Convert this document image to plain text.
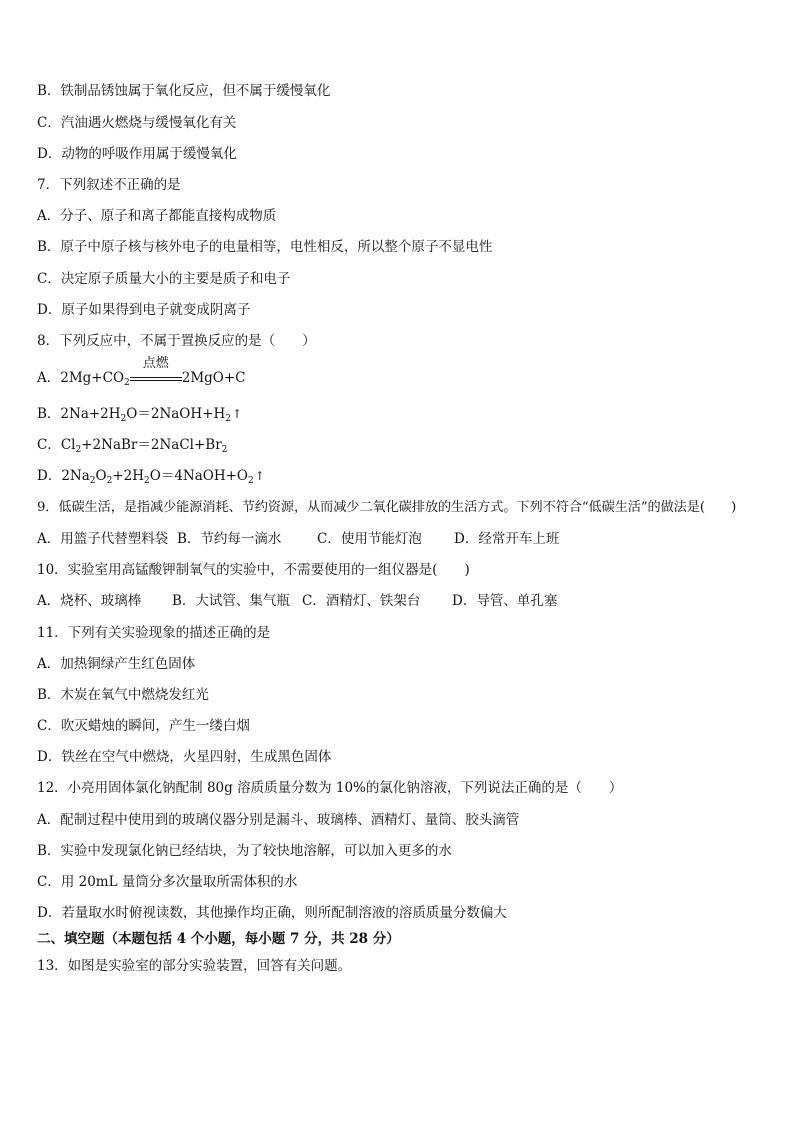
B．铁制品锈蚀属于氧化反应，但不属于缓慢氧化
C．汽油遇火燃烧与缓慢氧化有关
D．动物的呼吸作用属于缓慢氧化
7．下列叙述不正确的是
A．分子、原子和离子都能直接构成物质
B．原子中原子核与核外电子的电量相等，电性相反，所以整个原子不显电性
C．决定原子质量大小的主要是质子和电子
D．原子如果得到电子就变成阴离子
8．下列反应中，不属于置换反应的是（　　）
A．$2Mg+CO_2$
点燃
2MgO+C
B．$2Na+2H_2O=2NaOH+H_2↑$
C．$Cl_2+2NaBr=2NaCl+Br_2$
D．$2Na_2O_2+2H_2O=4NaOH+O_2↑$
9．低碳生活，是指减少能源消耗、节约资源，从而减少二氧化碳排放的生活方式。下列不符合“低碳生活”的做法是(　　)
A．用篮子代替塑料袋 B．节约每一滴水	C．使用节能灯泡 D．经常开车上班
10．实验室用高锰酸钾制氧气的实验中，不需要使用的一组仪器是(　　)
A．烧杯、玻璃棒 B．大试管、集气瓶 C．酒精灯、铁架台 D．导管、单孔塞
11．下列有关实验现象的描述正确的是
A．加热铜绿产生红色固体
B．木炭在氧气中燃烧发红光
C．吹灭蜡烛的瞬间，产生一缕白烟
D．铁丝在空气中燃烧，火星四射，生成黑色固体
12．小亮用固体氯化钠配制 80g 溶质质量分数为 10%的氯化钠溶液，下列说法正确的是（　　）
A．配制过程中使用到的玻璃仪器分别是漏斗、玻璃棒、酒精灯、量筒、胶头滴管
B．实验中发现氯化钠已经结块，为了较快地溶解，可以加入更多的水
C．用 20mL 量筒分多次量取所需体积的水
D．若量取水时俯视读数，其他操作均正确，则所配制溶液的溶质质量分数偏大
二、填空题（本题包括 4 个小题，每小题 7 分，共 28 分）
13．如图是实验室的部分实验装置，回答有关问题。
